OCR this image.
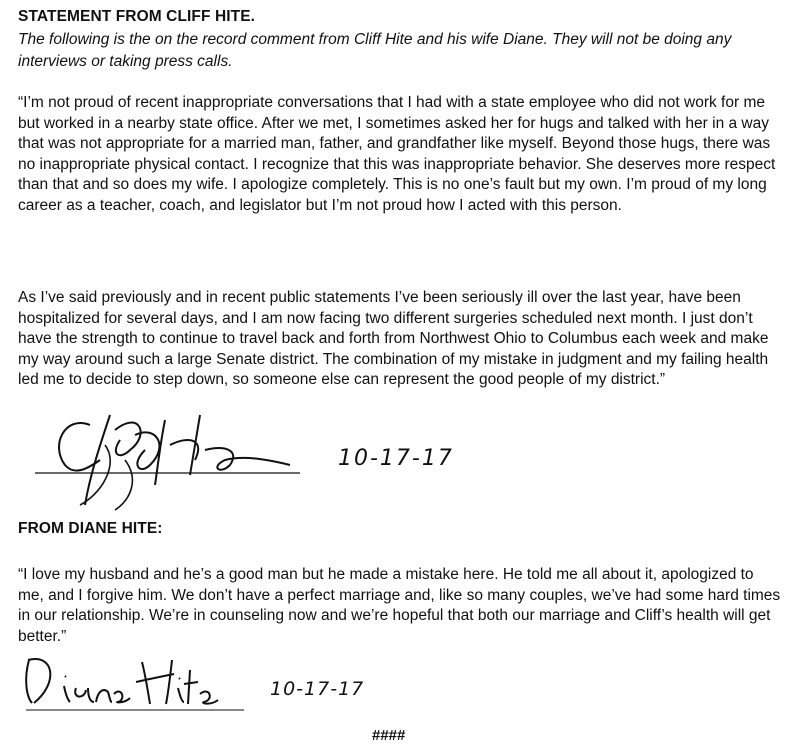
STATEMENT FROM CLIFF HITE.
The following is the on the record comment from Cliff Hite and his wife Diane. They will not be doing any interviews or taking press calls.
“I’m not proud of recent inappropriate conversations that I had with a state employee who did not work for me but worked in a nearby state office. After we met, I sometimes asked her for hugs and talked with her in a way that was not appropriate for a married man, father, and grandfather like myself. Beyond those hugs, there was no inappropriate physical contact. I recognize that this was inappropriate behavior. She deserves more respect than that and so does my wife. I apologize completely. This is no one’s fault but my own. I’m proud of my long career as a teacher, coach, and legislator but I’m not proud how I acted with this person.
As I’ve said previously and in recent public statements I’ve been seriously ill over the last year, have been hospitalized for several days, and I am now facing two different surgeries scheduled next month. I just don’t have the strength to continue to travel back and forth from Northwest Ohio to Columbus each week and make my way around such a large Senate district. The combination of my mistake in judgment and my failing health led me to decide to step down, so someone else can represent the good people of my district.”
10-17-17
FROM DIANE HITE:
“I love my husband and he’s a good man but he made a mistake here. He told me all about it, apologized to me, and I forgive him. We don’t have a perfect marriage and, like so many couples, we’ve had some hard times in our relationship. We’re in counseling now and we’re hopeful that both our marriage and Cliff’s health will get better.”
10-17-17
####
